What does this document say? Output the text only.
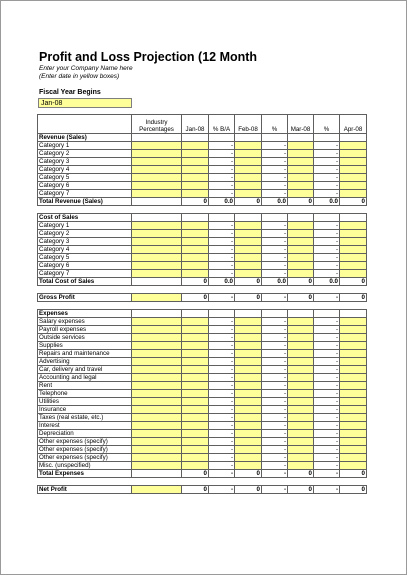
Profit and Loss Projection (12 Month
Enter your Company Name here
(Enter date in yellow boxes)
Fiscal Year Begins
Jan-08

	Industry
Percentages	Jan-08	% B/A	Feb-08	%	Mar-08	%	Apr-08
Revenue (Sales)								
Category 1			-		-		-	
Category 2			-		-		-	
Category 3			-		-		-	
Category 4			-		-		-	
Category 5			-		-		-	
Category 6			-		-		-	
Category 7			-		-		-	
Total Revenue (Sales)		0	0.0	0	0.0	0	0.0	0

Cost of Sales								
Category 1			-		-		-	
Category 2			-		-		-	
Category 3			-		-		-	
Category 4			-		-		-	
Category 5			-		-		-	
Category 6			-		-		-	
Category 7			-		-		-	
Total Cost of Sales		0	0.0	0	0.0	0	0.0	0

Gross Profit		0	-	0	-	0	-	0

Expenses								
Salary expenses			-		-		-	
Payroll expenses			-		-		-	
Outside services			-		-		-	
Supplies			-		-		-	
Repairs and maintenance			-		-		-	
Advertising			-		-		-	
Car, delivery and travel			-		-		-	
Accounting and legal			-		-		-	
Rent			-		-		-	
Telephone			-		-		-	
Utilities			-		-		-	
Insurance			-		-		-	
Taxes (real estate, etc.)			-		-		-	
Interest			-		-		-	
Depreciation			-		-		-	
Other expenses (specify)			-		-		-	
Other expenses (specify)			-		-		-	
Other expenses (specify)			-		-		-	
Misc. (unspecified)			-		-		-	
Total Expenses		0	-	0	-	0	-	0

Net Profit		0	-	0	-	0	-	0
